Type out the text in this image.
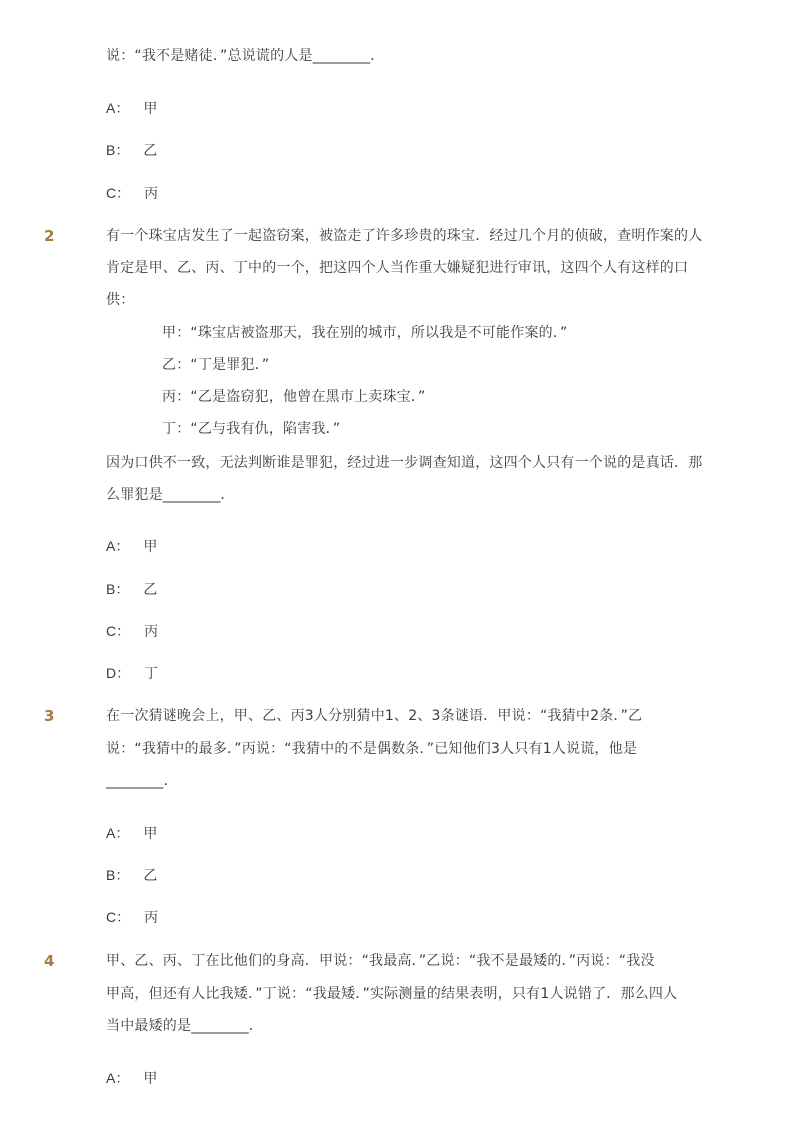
说：“我不是赌徒．”总说谎的人是________．
A： 甲
B： 乙
C： 丙
2	有一个珠宝店发生了一起盗窃案，被盗走了许多珍贵的珠宝．经过几个月的侦破，查明作案的人
肯定是甲、乙、丙、丁中的一个，把这四个人当作重大嫌疑犯进行审讯，这四个人有这样的口
供：
甲：“珠宝店被盗那天，我在别的城市，所以我是不可能作案的．”
乙：“丁是罪犯．”
丙：“乙是盗窃犯，他曾在黑市上卖珠宝．”
丁：“乙与我有仇，陷害我．”
因为口供不一致，无法判断谁是罪犯，经过进一步调查知道，这四个人只有一个说的是真话．那
么罪犯是________．
A： 甲
B： 乙
C： 丙
D： 丁
3	在一次猜谜晚会上，甲、乙、丙3人分别猜中1、2、3条谜语．甲说：“我猜中2条．”乙
说：“我猜中的最多．”丙说：“我猜中的不是偶数条．”已知他们3人只有1人说谎，他是
________．
A： 甲
B： 乙
C： 丙
4	甲、乙、丙、丁在比他们的身高．甲说：“我最高．”乙说：“我不是最矮的．”丙说：“我没
甲高，但还有人比我矮．”丁说：“我最矮．”实际测量的结果表明，只有1人说错了．那么四人
当中最矮的是________．
A： 甲
